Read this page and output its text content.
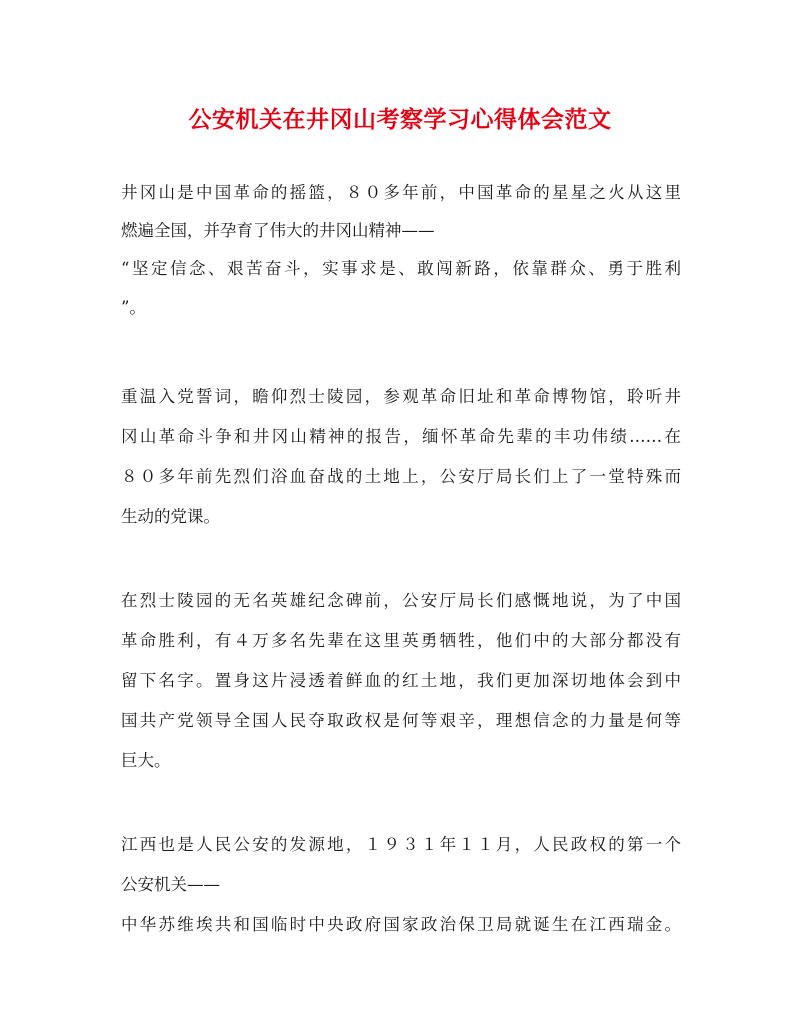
公安机关在井冈山考察学习心得体会范文

井冈山是中国革命的摇篮，８０多年前，中国革命的星星之火从这里

燃遍全国，并孕育了伟大的井冈山精神——

“坚定信念、艰苦奋斗，实事求是、敢闯新路，依靠群众、勇于胜利

”。

重温入党誓词，瞻仰烈士陵园，参观革命旧址和革命博物馆，聆听井

冈山革命斗争和井冈山精神的报告，缅怀革命先辈的丰功伟绩……在

８０多年前先烈们浴血奋战的土地上，公安厅局长们上了一堂特殊而

生动的党课。

在烈士陵园的无名英雄纪念碑前，公安厅局长们感慨地说，为了中国

革命胜利，有４万多名先辈在这里英勇牺牲，他们中的大部分都没有

留下名字。置身这片浸透着鲜血的红土地，我们更加深切地体会到中

国共产党领导全国人民夺取政权是何等艰辛，理想信念的力量是何等

巨大。

江西也是人民公安的发源地，１９３１年１１月，人民政权的第一个

公安机关——

中华苏维埃共和国临时中央政府国家政治保卫局就诞生在江西瑞金。
